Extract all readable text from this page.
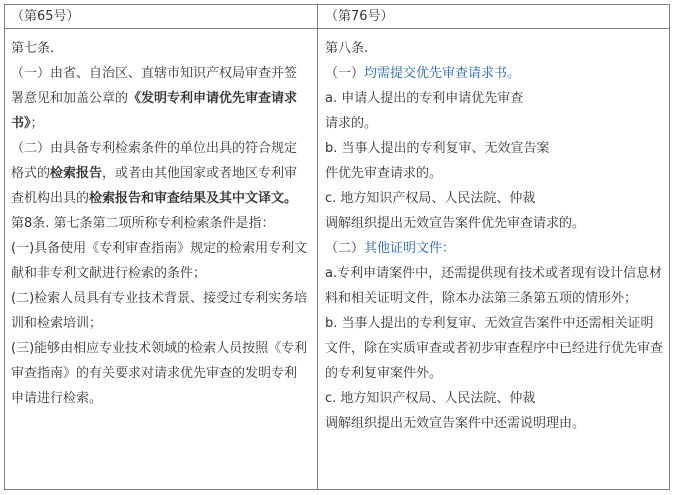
（第65号）	（第76号）

第七条．

（一）由省、自治区、直辖市知识产权局审查并签署意见和加盖公章的《发明专利申请优先审查请求书》；

（二）由具备专利检索条件的单位出具的符合规定格式的检索报告，或者由其他国家或者地区专利审查机构出具的检索报告和审查结果及其中文译文。

第8条. 第七条第二项所称专利检索条件是指：

(一)具备使用《专利审查指南》规定的检索用专利文献和非专利文献进行检索的条件；

(二)检索人员具有专业技术背景、接受过专利实务培训和检索培训；

(三)能够由相应专业技术领域的检索人员按照《专利审查指南》的有关要求对请求优先审查的发明专利申请进行检索。

第八条.

（一）均需提交优先审查请求书。

a. 申请人提出的专利申请优先审查

请求的。

b. 当事人提出的专利复审、无效宣告案

件优先审查请求的。

c. 地方知识产权局、人民法院、仲裁

调解组织提出无效宣告案件优先审查请求的。

（二）其他证明文件：

a.专利申请案件中，还需提供现有技术或者现有设计信息材料和相关证明文件，除本办法第三条第五项的情形外；

b. 当事人提出的专利复审、无效宣告案件中还需相关证明文件，除在实质审查或者初步审查程序中已经进行优先审查的专利复审案件外。

c. 地方知识产权局、人民法院、仲裁

调解组织提出无效宣告案件中还需说明理由。
